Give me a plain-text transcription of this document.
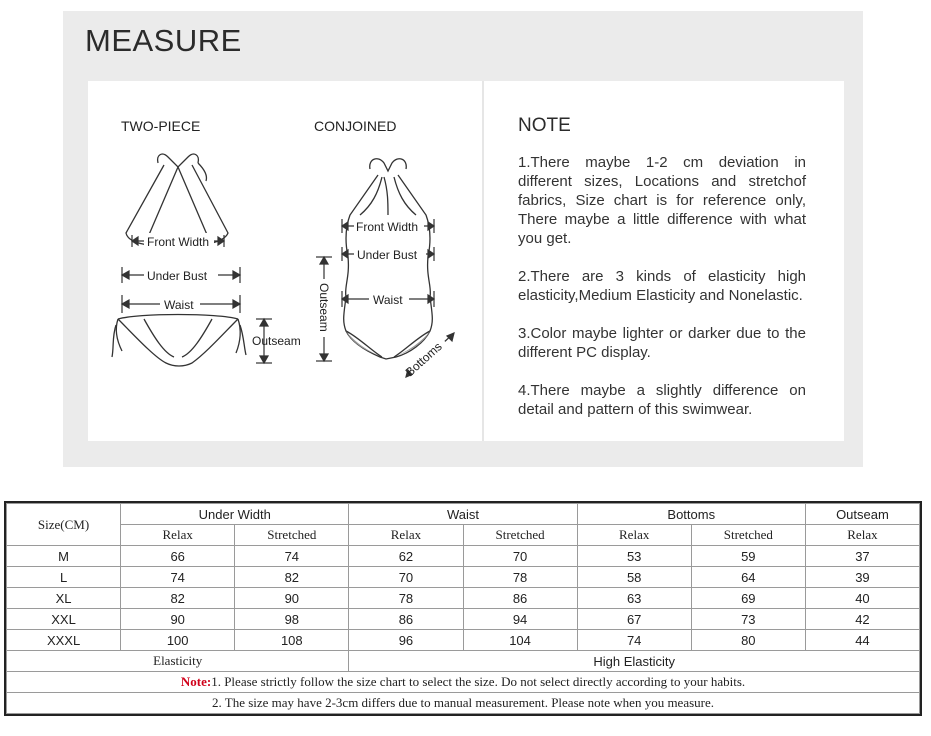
MEASURE
TWO-PIECE	CONJOINED
Front Width
Under Bust
Waist
Outseam
Front Width
Under Bust
Waist
Outseam
Bottoms
NOTE

1.There maybe 1-2 cm deviation in different sizes, Locations and stretchof fabrics, Size chart is for reference only, There maybe a little difference with what you get.

2.There are 3 kinds of elasticity high elasticity,Medium Elasticity and Nonelastic.

3.Color maybe lighter or darker due to the different PC display.

4.There maybe a slightly difference on detail and pattern of this swimwear.

Size(CM)	Under Width		Waist		Bottoms		Outseam
	Relax	Stretched	Relax	Stretched	Relax	Stretched	Relax
M	66	74	62	70	53	59	37
L	74	82	70	78	58	64	39
XL	82	90	78	86	63	69	40
XXL	90	98	86	94	67	73	42
XXXL	100	108	96	104	74	80	44
Elasticity			High Elasticity				
Note:1. Please strictly follow the size chart to select the size. Do not select directly according to your habits.							
2. The size may have 2-3cm differs due to manual measurement. Please note when you measure.							
